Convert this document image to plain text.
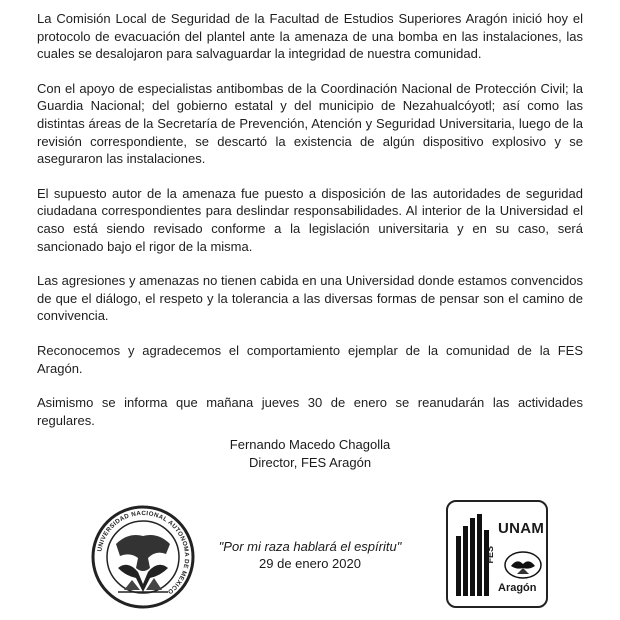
La Comisión Local de Seguridad de la Facultad de Estudios Superiores Aragón inició hoy el protocolo de evacuación del plantel ante la amenaza de una bomba en las instalaciones, las cuales se desalojaron para salvaguardar la integridad de nuestra comunidad.

Con el apoyo de especialistas antibombas de la Coordinación Nacional de Protección Civil; la Guardia Nacional; del gobierno estatal y del municipio de Nezahualcóyotl; así como las distintas áreas de la Secretaría de Prevención, Atención y Seguridad Universitaria, luego de la revisión correspondiente, se descartó la existencia de algún dispositivo explosivo y se aseguraron las instalaciones.

El supuesto autor de la amenaza fue puesto a disposición de las autoridades de seguridad ciudadana correspondientes para deslindar responsabilidades. Al interior de la Universidad el caso está siendo revisado conforme a la legislación universitaria y en su caso, será sancionado bajo el rigor de la misma.

Las agresiones y amenazas no tienen cabida en una Universidad donde estamos convencidos de que el diálogo, el respeto y la tolerancia a las diversas formas de pensar son el camino de convivencia.

Reconocemos y agradecemos el comportamiento ejemplar de la comunidad de la FES Aragón.

Asimismo se informa que mañana jueves 30 de enero se reanudarán las actividades regulares.

Fernando Macedo Chagolla
Director, FES Aragón
UNIVERSIDAD NACIONAL AUTONOMA DE MEXICO
"Por mi raza hablará el espíritu"
29 de enero 2020
UNAM
FES
Aragón
